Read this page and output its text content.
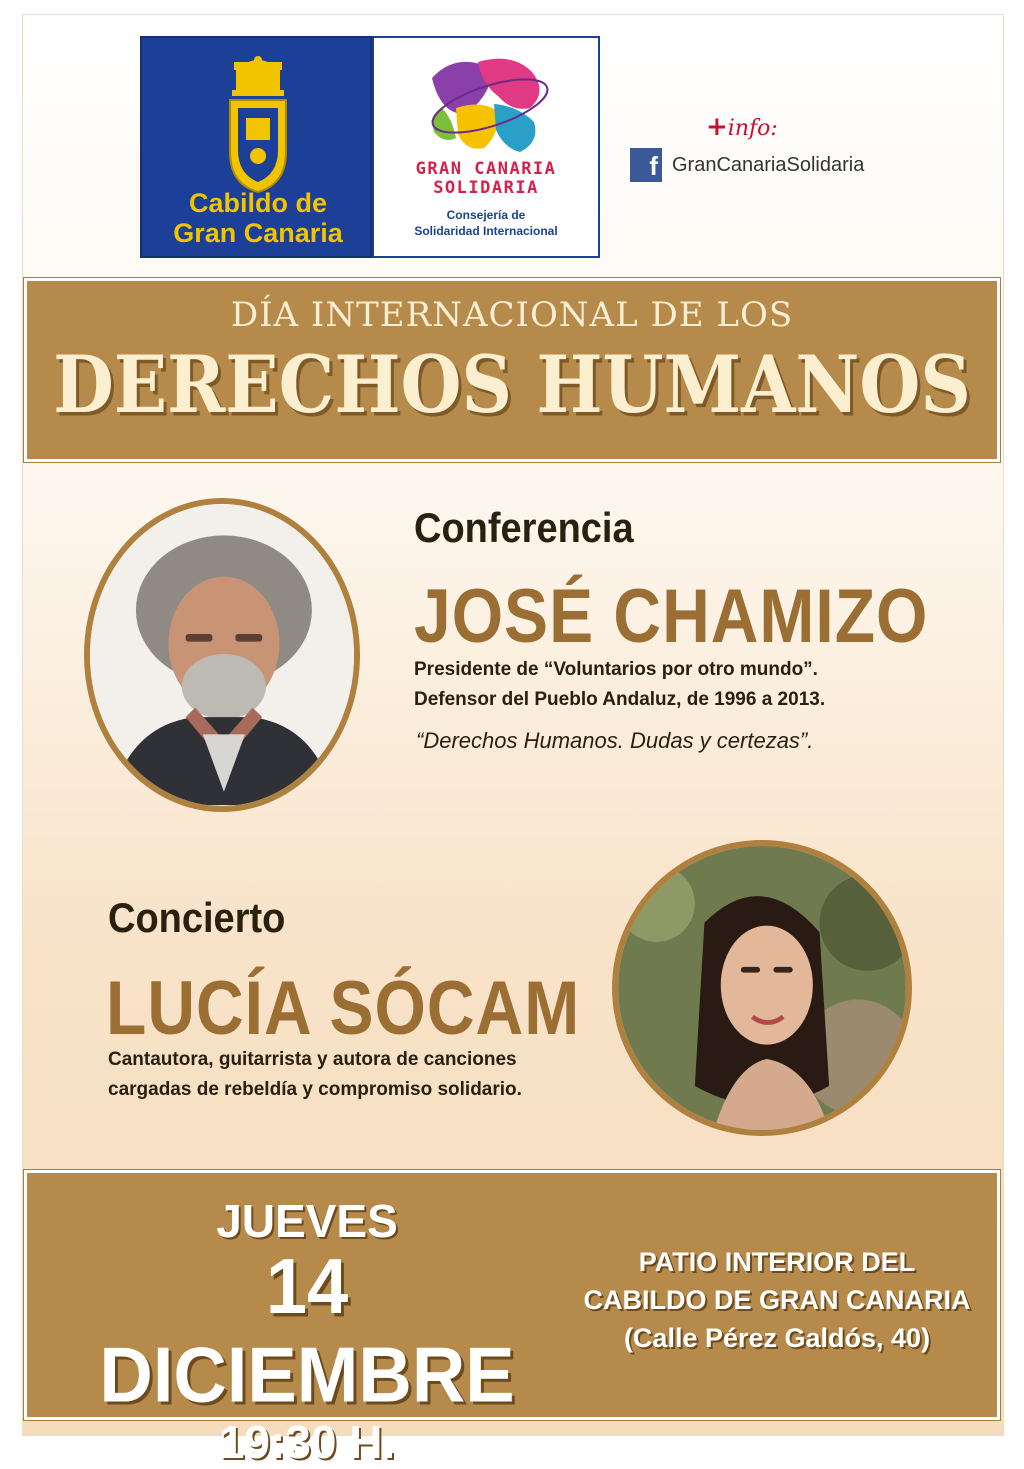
Cabildo de
Gran Canaria
GRAN CANARIA
SOLIDARIA
Consejería de
Solidaridad Internacional
+info:
f GranCanariaSolidaria
DÍA INTERNACIONAL DE LOS
DERECHOS HUMANOS
Conferencia
JOSÉ CHAMIZO
Presidente de “Voluntarios por otro mundo”.
Defensor del Pueblo Andaluz, de 1996 a 2013.
“Derechos Humanos. Dudas y certezas”.
Concierto
LUCÍA SÓCAM
Cantautora, guitarrista y autora de canciones
cargadas de rebeldía y compromiso solidario.
JUEVES
14 DICIEMBRE
19:30 H.
PATIO INTERIOR DEL
CABILDO DE GRAN CANARIA
(Calle Pérez Galdós, 40)
